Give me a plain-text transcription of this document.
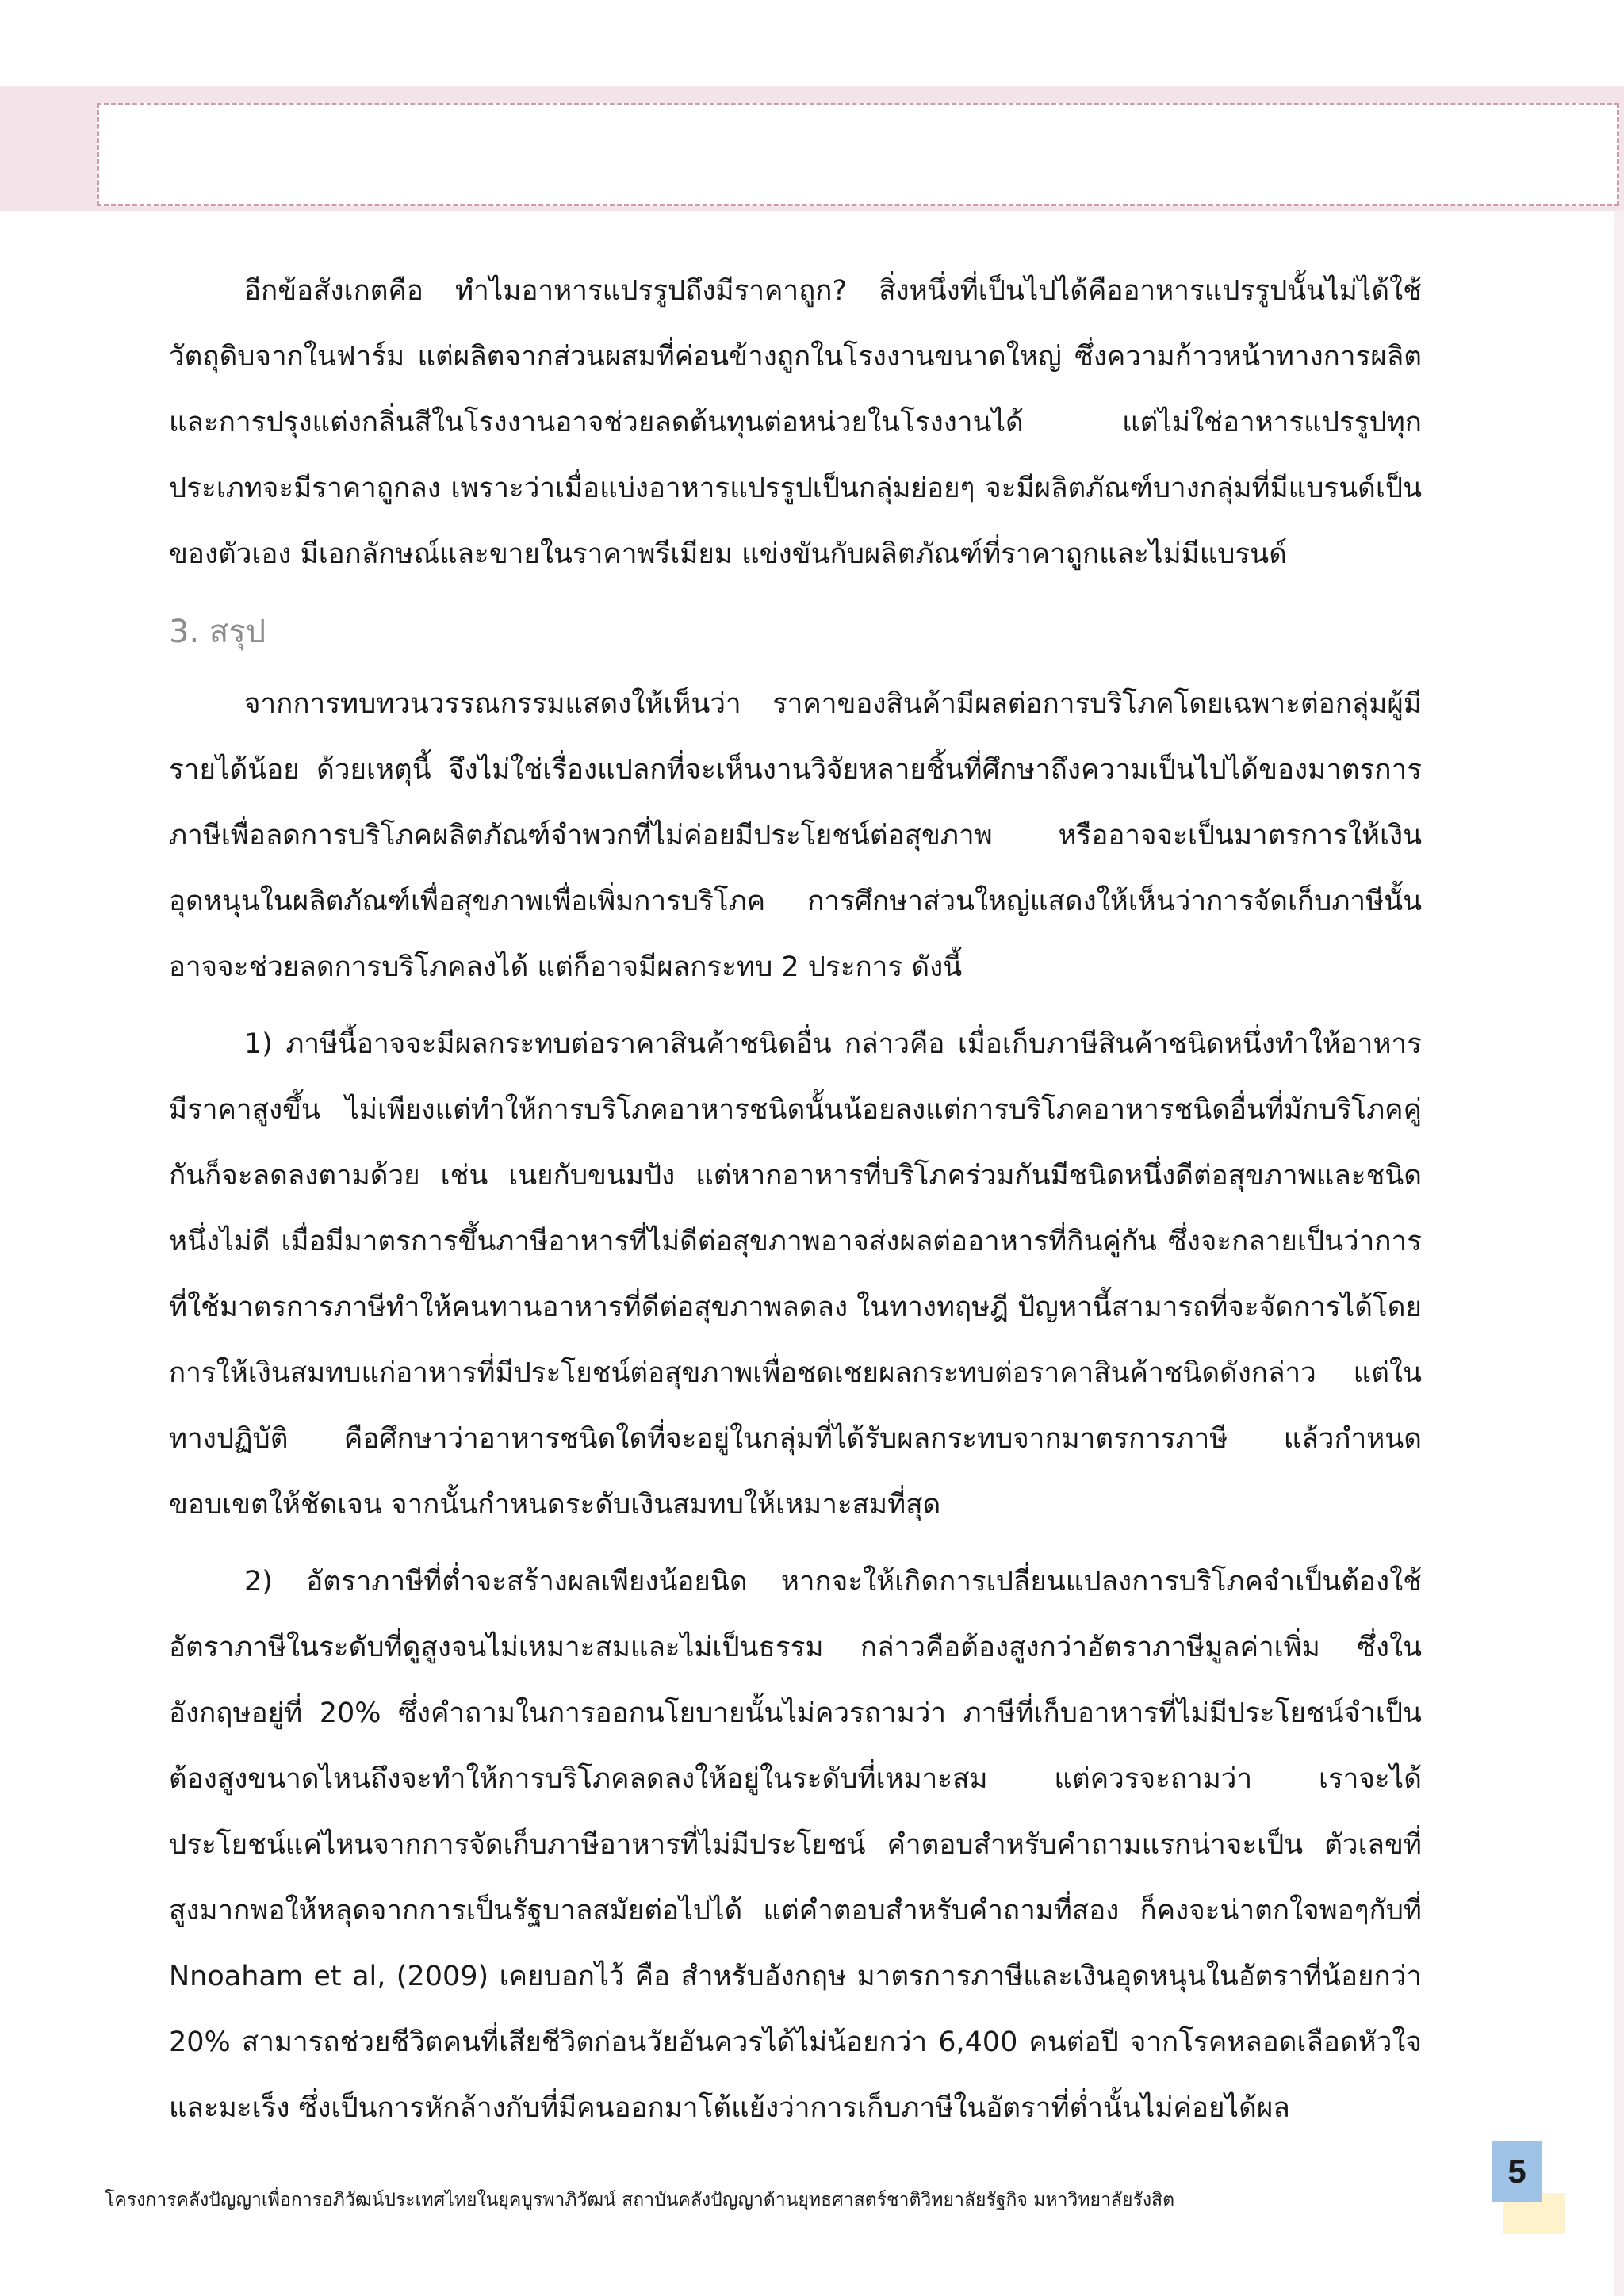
อีกข้อสังเกตคือ ทำไมอาหารแปรรูปถึงมีราคาถูก? สิ่งหนึ่งที่เป็นไปได้คืออาหารแปรรูปนั้นไม่ได้ใช้วัตถุดิบจากในฟาร์ม แต่ผลิตจากส่วนผสมที่ค่อนข้างถูกในโรงงานขนาดใหญ่ ซึ่งความก้าวหน้าทางการผลิตและการปรุงแต่งกลิ่นสีในโรงงานอาจช่วยลดต้นทุนต่อหน่วยในโรงงานได้ แต่ไม่ใช่อาหารแปรรูปทุกประเภทจะมีราคาถูกลง เพราะว่าเมื่อแบ่งอาหารแปรรูปเป็นกลุ่มย่อยๆ จะมีผลิตภัณฑ์บางกลุ่มที่มีแบรนด์เป็นของตัวเอง มีเอกลักษณ์และขายในราคาพรีเมียม แข่งขันกับผลิตภัณฑ์ที่ราคาถูกและไม่มีแบรนด์

3. สรุป

จากการทบทวนวรรณกรรมแสดงให้เห็นว่า ราคาของสินค้ามีผลต่อการบริโภคโดยเฉพาะต่อกลุ่มผู้มีรายได้น้อย ด้วยเหตุนี้ จึงไม่ใช่เรื่องแปลกที่จะเห็นงานวิจัยหลายชิ้นที่ศึกษาถึงความเป็นไปได้ของมาตรการภาษีเพื่อลดการบริโภคผลิตภัณฑ์จำพวกที่ไม่ค่อยมีประโยชน์ต่อสุขภาพ หรืออาจจะเป็นมาตรการให้เงินอุดหนุนในผลิตภัณฑ์เพื่อสุขภาพเพื่อเพิ่มการบริโภค การศึกษาส่วนใหญ่แสดงให้เห็นว่าการจัดเก็บภาษีนั้นอาจจะช่วยลดการบริโภคลงได้ แต่ก็อาจมีผลกระทบ 2 ประการ ดังนี้

1) ภาษีนี้อาจจะมีผลกระทบต่อราคาสินค้าชนิดอื่น กล่าวคือ เมื่อเก็บภาษีสินค้าชนิดหนึ่งทำให้อาหารมีราคาสูงขึ้น ไม่เพียงแต่ทำให้การบริโภคอาหารชนิดนั้นน้อยลงแต่การบริโภคอาหารชนิดอื่นที่มักบริโภคคู่กันก็จะลดลงตามด้วย เช่น เนยกับขนมปัง แต่หากอาหารที่บริโภคร่วมกันมีชนิดหนึ่งดีต่อสุขภาพและชนิดหนึ่งไม่ดี เมื่อมีมาตรการขึ้นภาษีอาหารที่ไม่ดีต่อสุขภาพอาจส่งผลต่ออาหารที่กินคู่กัน ซึ่งจะกลายเป็นว่าการที่ใช้มาตรการภาษีทำให้คนทานอาหารที่ดีต่อสุขภาพลดลง ในทางทฤษฎี ปัญหานี้สามารถที่จะจัดการได้โดยการให้เงินสมทบแก่อาหารที่มีประโยชน์ต่อสุขภาพเพื่อชดเชยผลกระทบต่อราคาสินค้าชนิดดังกล่าว แต่ในทางปฏิบัติ คือศึกษาว่าอาหารชนิดใดที่จะอยู่ในกลุ่มที่ได้รับผลกระทบจากมาตรการภาษี แล้วกำหนดขอบเขตให้ชัดเจน จากนั้นกำหนดระดับเงินสมทบให้เหมาะสมที่สุด

2) อัตราภาษีที่ต่ำจะสร้างผลเพียงน้อยนิด หากจะให้เกิดการเปลี่ยนแปลงการบริโภคจำเป็นต้องใช้อัตราภาษีในระดับที่ดูสูงจนไม่เหมาะสมและไม่เป็นธรรม กล่าวคือต้องสูงกว่าอัตราภาษีมูลค่าเพิ่ม ซึ่งในอังกฤษอยู่ที่ 20% ซึ่งคำถามในการออกนโยบายนั้นไม่ควรถามว่า ภาษีที่เก็บอาหารที่ไม่มีประโยชน์จำเป็นต้องสูงขนาดไหนถึงจะทำให้การบริโภคลดลงให้อยู่ในระดับที่เหมาะสม แต่ควรจะถามว่า เราจะได้ประโยชน์แค่ไหนจากการจัดเก็บภาษีอาหารที่ไม่มีประโยชน์ คำตอบสำหรับคำถามแรกน่าจะเป็น ตัวเลขที่สูงมากพอให้หลุดจากการเป็นรัฐบาลสมัยต่อไปได้ แต่คำตอบสำหรับคำถามที่สอง ก็คงจะน่าตกใจพอๆกับที่ Nnoaham et al, (2009) เคยบอกไว้ คือ สำหรับอังกฤษ มาตรการภาษีและเงินอุดหนุนในอัตราที่น้อยกว่า 20% สามารถช่วยชีวิตคนที่เสียชีวิตก่อนวัยอันควรได้ไม่น้อยกว่า 6,400 คนต่อปี จากโรคหลอดเลือดหัวใจและมะเร็ง ซึ่งเป็นการหักล้างกับที่มีคนออกมาโต้แย้งว่าการเก็บภาษีในอัตราที่ต่ำนั้นไม่ค่อยได้ผล

โครงการคลังปัญญาเพื่อการอภิวัฒน์ประเทศไทยในยุคบูรพาภิวัฒน์ สถาบันคลังปัญญาด้านยุทธศาสตร์ชาติวิทยาลัยรัฐกิจ มหาวิทยาลัยรังสิต
5
